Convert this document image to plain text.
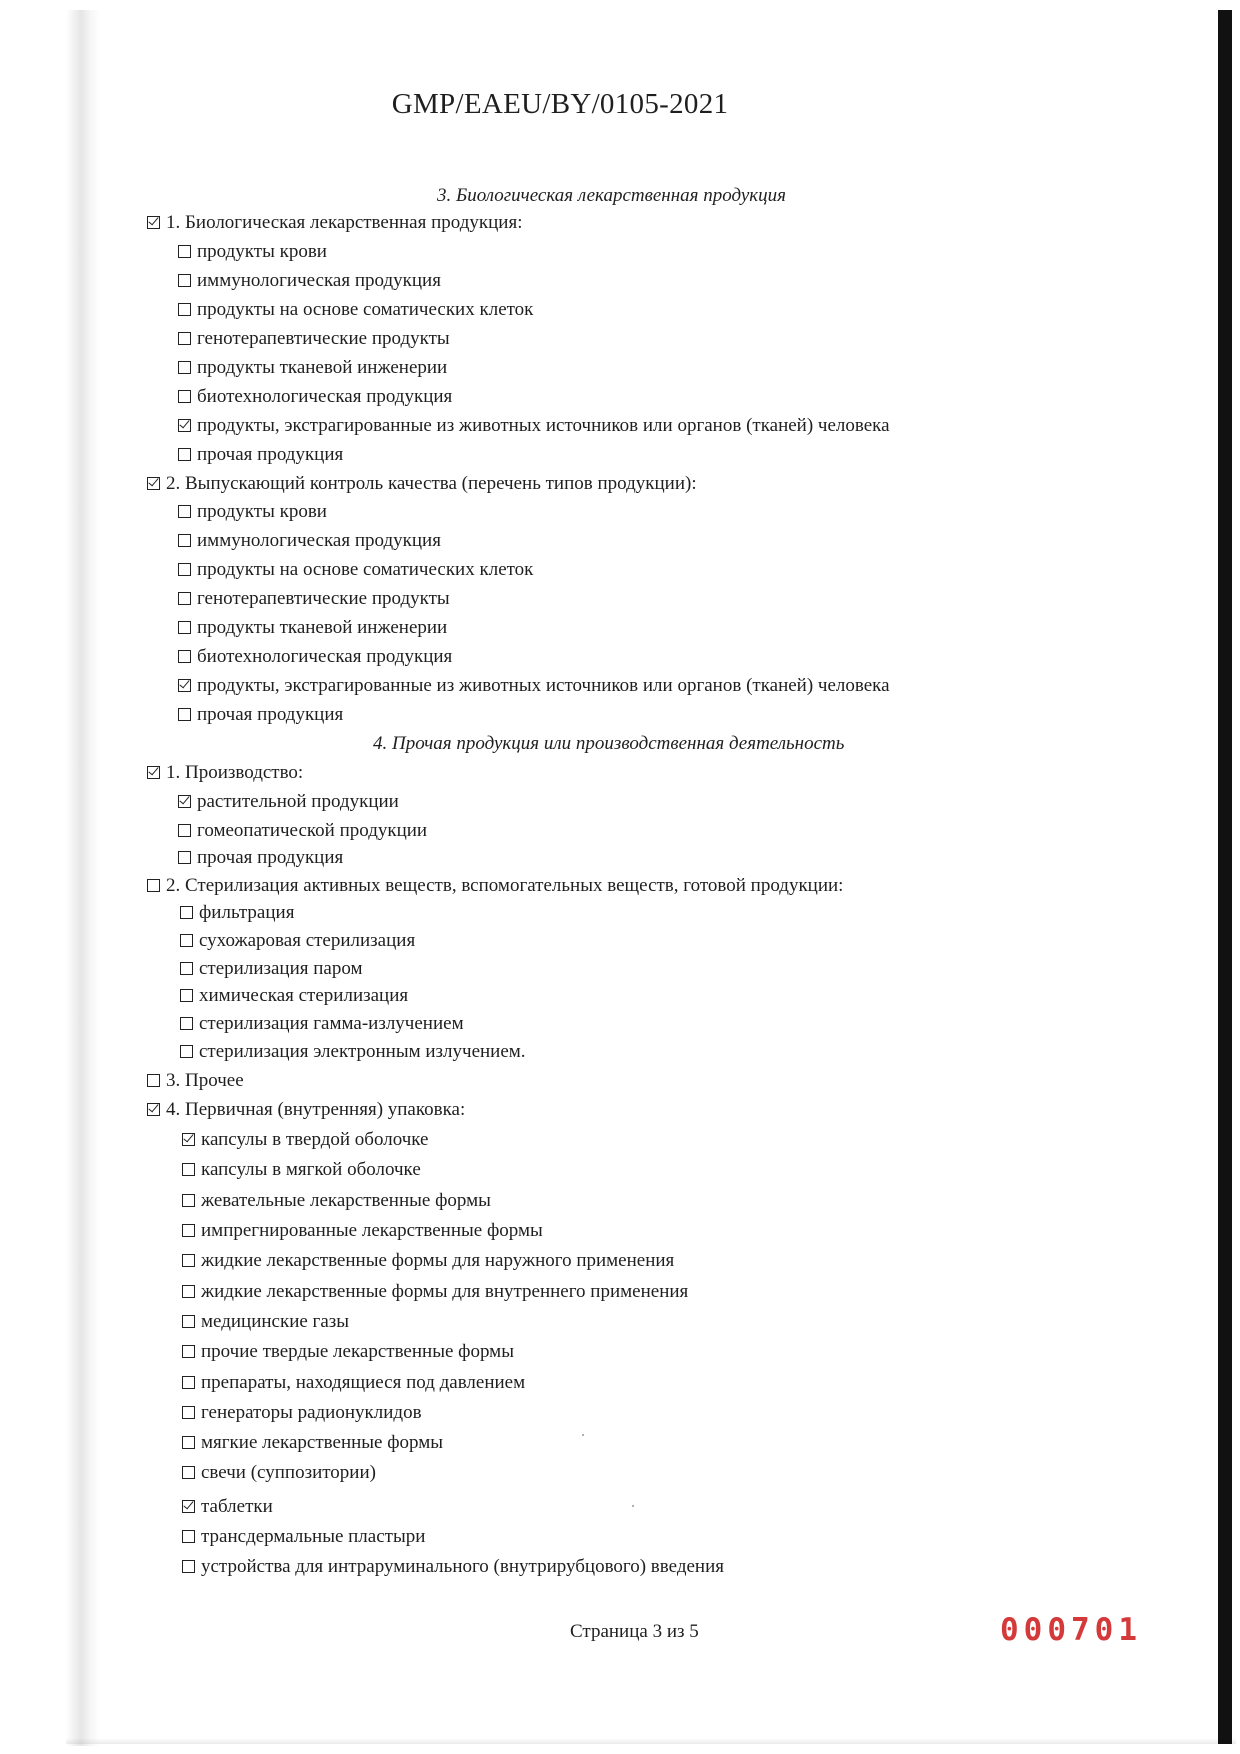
GMP/EAEU/BY/0105-2021
3. Биологическая лекарственная продукция
1. Биологическая лекарственная продукция:
продукты крови
иммунологическая продукция
продукты на основе соматических клеток
генотерапевтические продукты
продукты тканевой инженерии
биотехнологическая продукция
продукты, экстрагированные из животных источников или органов (тканей) человека
прочая продукция
2. Выпускающий контроль качества (перечень типов продукции):
продукты крови
иммунологическая продукция
продукты на основе соматических клеток
генотерапевтические продукты
продукты тканевой инженерии
биотехнологическая продукция
продукты, экстрагированные из животных источников или органов (тканей) человека
прочая продукция
4. Прочая продукция или производственная деятельность
1. Производство:
растительной продукции
гомеопатической продукции
прочая продукция
2. Стерилизация активных веществ, вспомогательных веществ, готовой продукции:
фильтрация
сухожаровая стерилизация
стерилизация паром
химическая стерилизация
стерилизация гамма-излучением
стерилизация электронным излучением.
3. Прочее
4. Первичная (внутренняя) упаковка:
капсулы в твердой оболочке
капсулы в мягкой оболочке
жевательные лекарственные формы
импрегнированные лекарственные формы
жидкие лекарственные формы для наружного применения
жидкие лекарственные формы для внутреннего применения
медицинские газы
прочие твердые лекарственные формы
препараты, находящиеся под давлением
генераторы радионуклидов
мягкие лекарственные формы
свечи (суппозитории)
таблетки
трансдермальные пластыри
устройства для интраруминального (внутрирубцового) введения
Страница 3 из 5	000701
